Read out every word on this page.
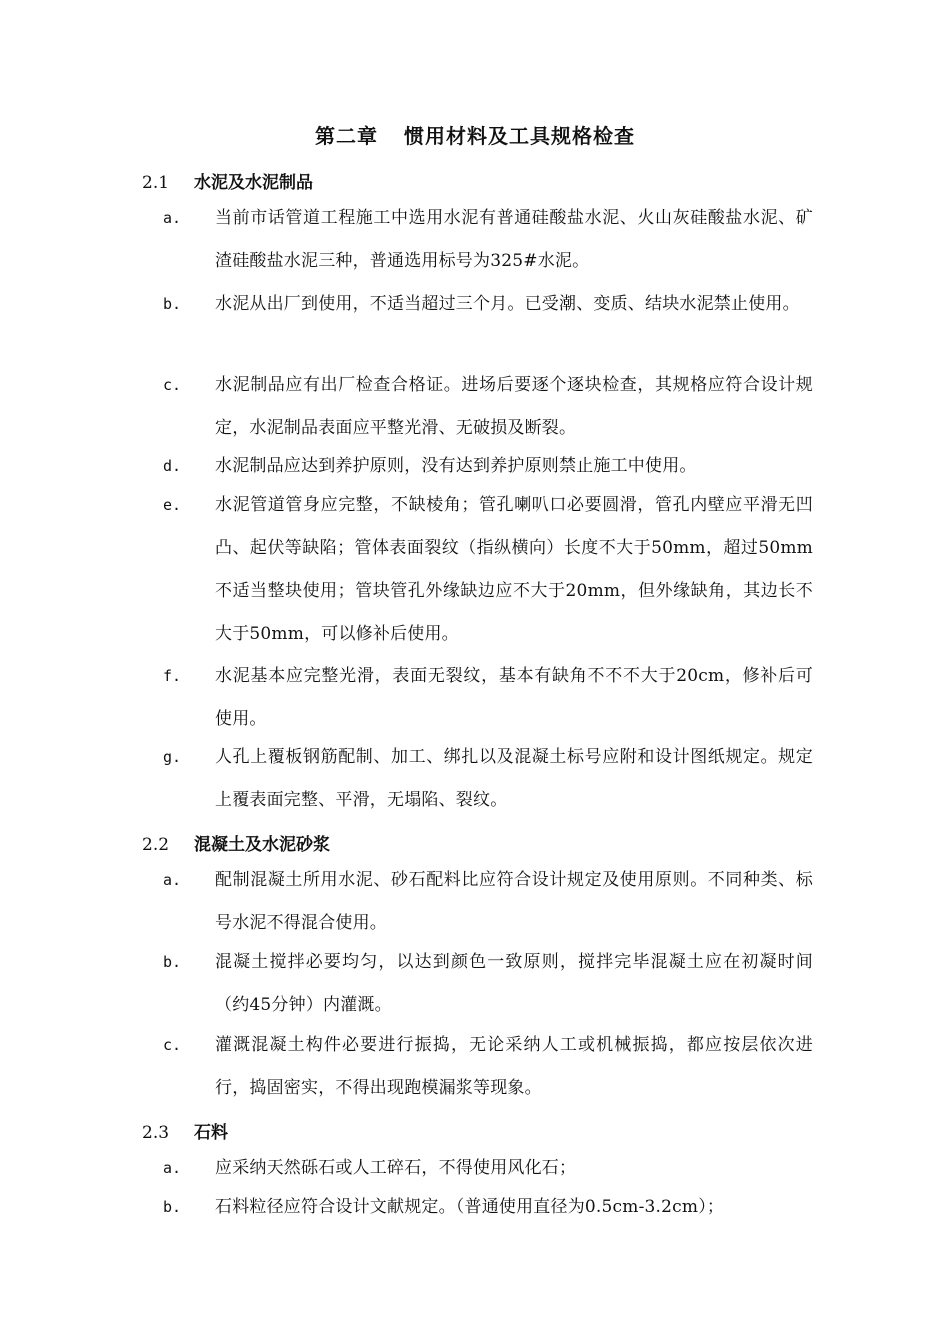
第二章 惯用材料及工具规格检查
2.1 水泥及水泥制品
a.	当前市话管道工程施工中选用水泥有普通硅酸盐水泥、火山灰硅酸盐水泥、矿渣硅酸盐水泥三种，普通选用标号为325#水泥。
b.	水泥从出厂到使用，不适当超过三个月。已受潮、变质、结块水泥禁止使用。
c.	水泥制品应有出厂检查合格证。进场后要逐个逐块检查，其规格应符合设计规定，水泥制品表面应平整光滑、无破损及断裂。
d.	水泥制品应达到养护原则，没有达到养护原则禁止施工中使用。
e.	水泥管道管身应完整，不缺棱角；管孔喇叭口必要圆滑，管孔内壁应平滑无凹凸、起伏等缺陷；管体表面裂纹（指纵横向）长度不大于50mm，超过50mm不适当整块使用；管块管孔外缘缺边应不大于20mm，但外缘缺角，其边长不大于50mm，可以修补后使用。
f.	水泥基本应完整光滑，表面无裂纹，基本有缺角不不不大于20cm，修补后可使用。
g.	人孔上覆板钢筋配制、加工、绑扎以及混凝土标号应附和设计图纸规定。规定上覆表面完整、平滑，无塌陷、裂纹。
2.2 混凝土及水泥砂浆
a.	配制混凝土所用水泥、砂石配料比应符合设计规定及使用原则。不同种类、标号水泥不得混合使用。
b.	混凝土搅拌必要均匀，以达到颜色一致原则，搅拌完毕混凝土应在初凝时间（约45分钟）内灌溉。
c.	灌溉混凝土构件必要进行振捣，无论采纳人工或机械振捣，都应按层依次进行，捣固密实，不得出现跑模漏浆等现象。
2.3 石料
a.	应采纳天然砾石或人工碎石，不得使用风化石；
b.	石料粒径应符合设计文献规定。（普通使用直径为0.5cm-3.2cm）；
